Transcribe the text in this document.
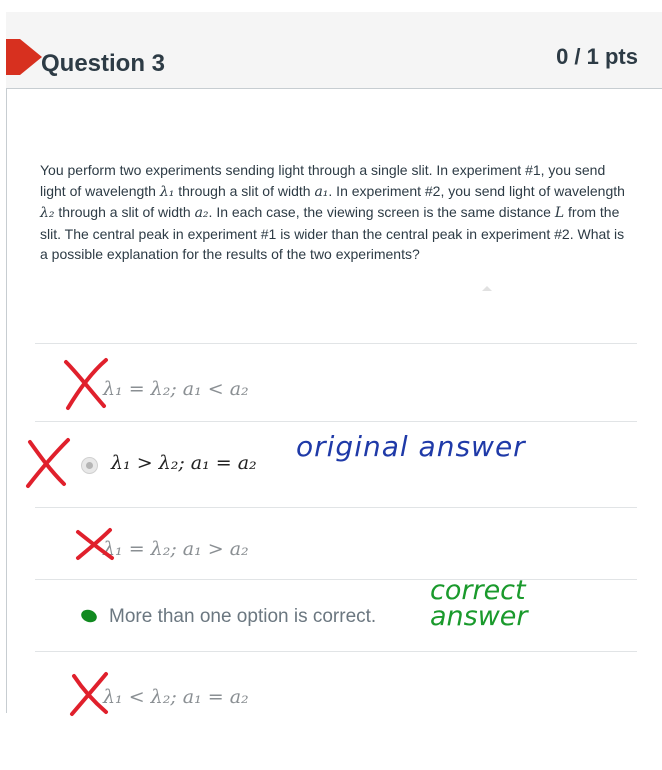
Question 3	0 / 1 pts
You perform two experiments sending light through a single slit. In experiment #1, you send light of wavelength λ₁ through a slit of width a₁. In experiment #2, you send light of wavelength λ₂ through a slit of width a₂. In each case, the viewing screen is the same distance L from the slit. The central peak in experiment #1 is wider than the central peak in experiment #2. What is a possible explanation for the results of the two experiments?
λ₁ = λ₂; a₁ < a₂
λ₁ > λ₂; a₁ = a₂
λ₁ = λ₂; a₁ > a₂
More than one option is correct.
λ₁ < λ₂; a₁ = a₂
original answer
correct
answer
